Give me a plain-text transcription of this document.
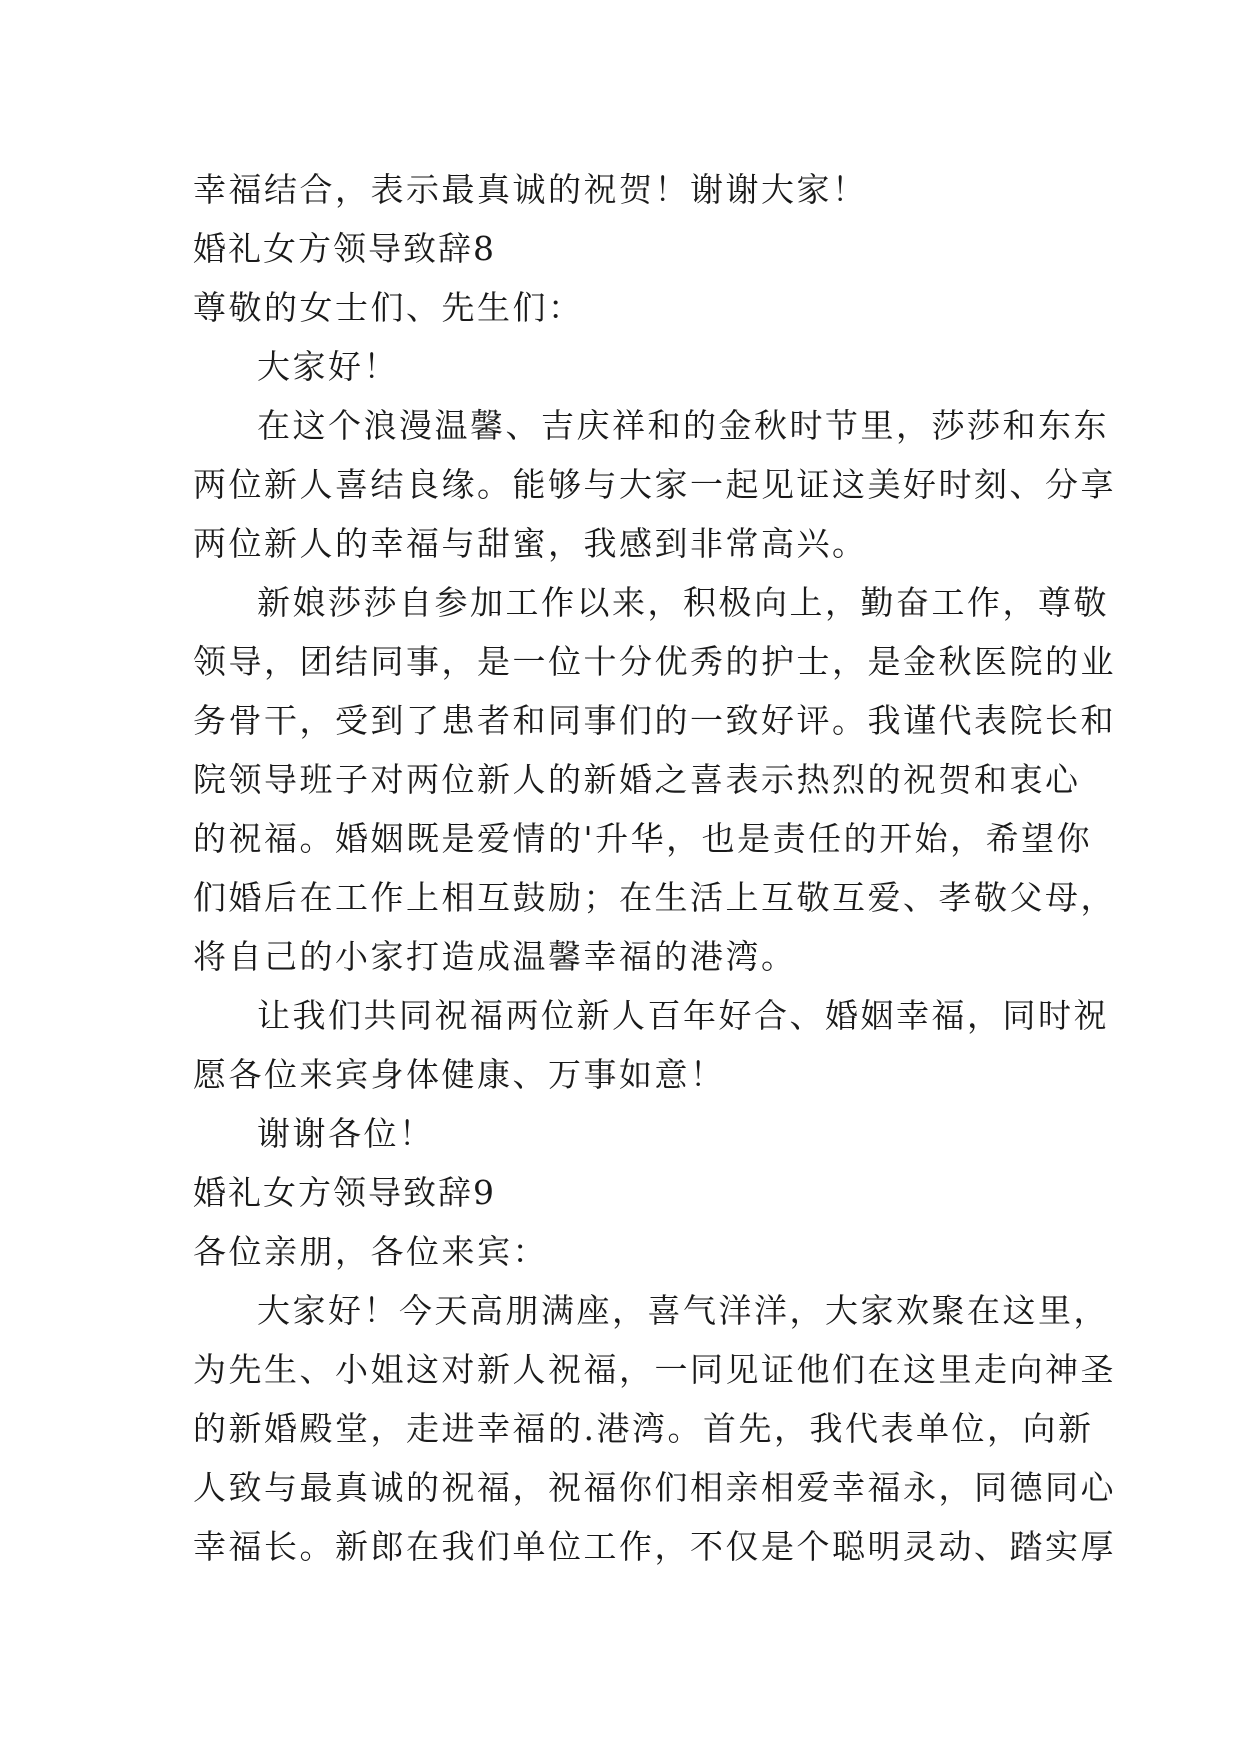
幸福结合，表示最真诚的祝贺！谢谢大家！
婚礼女方领导致辞8
尊敬的女士们、先生们：
大家好！
在这个浪漫温馨、吉庆祥和的金秋时节里，莎莎和东东
两位新人喜结良缘。能够与大家一起见证这美好时刻、分享
两位新人的幸福与甜蜜，我感到非常高兴。
新娘莎莎自参加工作以来，积极向上，勤奋工作，尊敬
领导，团结同事，是一位十分优秀的护士，是金秋医院的业
务骨干，受到了患者和同事们的一致好评。我谨代表院长和
院领导班子对两位新人的新婚之喜表示热烈的祝贺和衷心
的祝福。婚姻既是爱情的'升华，也是责任的开始，希望你
们婚后在工作上相互鼓励；在生活上互敬互爱、孝敬父母，
将自己的小家打造成温馨幸福的港湾。
让我们共同祝福两位新人百年好合、婚姻幸福，同时祝
愿各位来宾身体健康、万事如意！
谢谢各位！
婚礼女方领导致辞9
各位亲朋，各位来宾：
大家好！今天高朋满座，喜气洋洋，大家欢聚在这里，
为先生、小姐这对新人祝福，一同见证他们在这里走向神圣
的新婚殿堂，走进幸福的.港湾。首先，我代表单位，向新
人致与最真诚的祝福，祝福你们相亲相爱幸福永，同德同心
幸福长。新郎在我们单位工作，不仅是个聪明灵动、踏实厚
